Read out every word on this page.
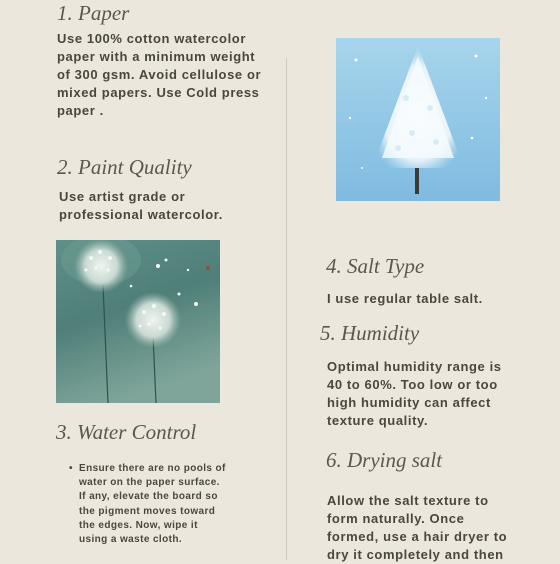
1. Paper

Use 100% cotton watercolor paper with a minimum weight of 300 gsm. Avoid cellulose or mixed papers. Use Cold press paper .

2. Paint Quality

Use artist grade or professional watercolor.

3. Water Control
• Ensure there are no pools of water on the paper surface. If any, elevate the board so the pigment moves toward the edges. Now, wipe it using a waste cloth.
4. Salt Type

I use regular table salt.

5. Humidity

Optimal humidity range is 40 to 60%. Too low or too high humidity can affect texture quality.

6. Drying salt

Allow the salt texture to form naturally. Once formed, use a hair dryer to dry it completely and then
